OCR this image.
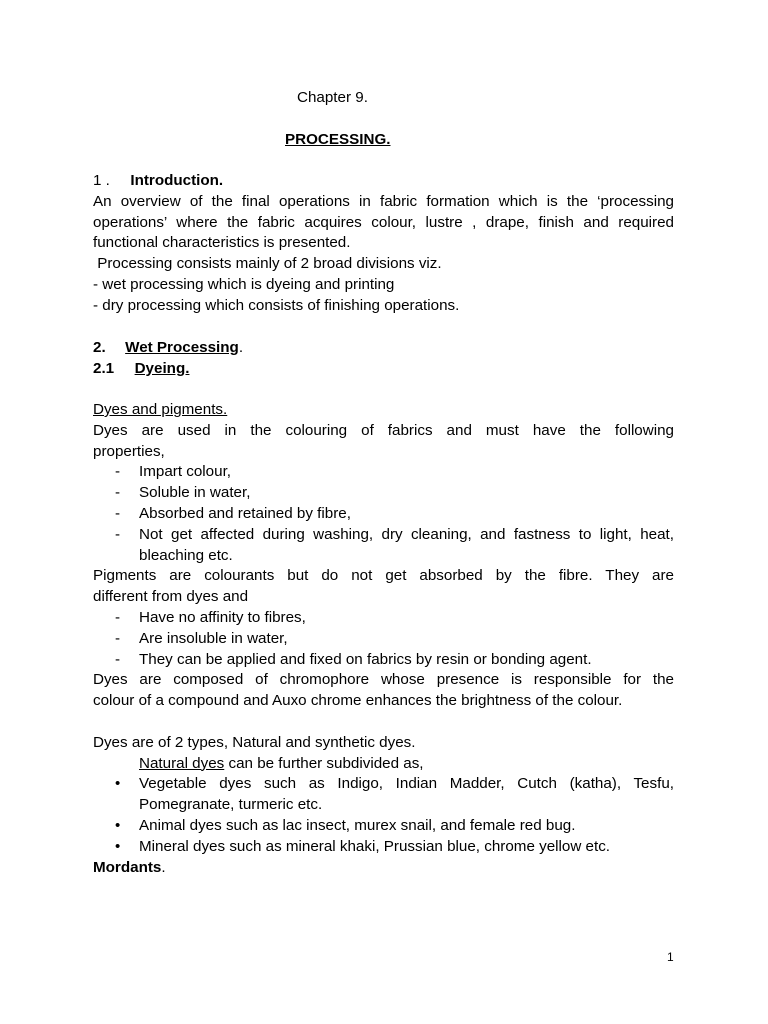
Chapter 9.
PROCESSING.
1 . Introduction.
An overview of the final operations in fabric formation which is the ‘processing
operations’ where the fabric acquires colour, lustre , drape, finish and required
functional characteristics is presented.
Processing consists mainly of 2 broad divisions viz.
- wet processing which is dyeing and printing
- dry processing which consists of finishing operations.
2. Wet Processing.
2.1 Dyeing.
Dyes and pigments.
Dyes are used in the colouring of fabrics and must have the following
properties,
- Impart colour,
- Soluble in water,
- Absorbed and retained by fibre,
- Not get affected during washing, dry cleaning, and fastness to light, heat,
bleaching etc.
Pigments are colourants but do not get absorbed by the fibre. They are
different from dyes and
- Have no affinity to fibres,
- Are insoluble in water,
- They can be applied and fixed on fabrics by resin or bonding agent.
Dyes are composed of chromophore whose presence is responsible for the
colour of a compound and Auxo chrome enhances the brightness of the colour.
Dyes are of 2 types, Natural and synthetic dyes.
Natural dyes can be further subdivided as,
• Vegetable dyes such as Indigo, Indian Madder, Cutch (katha), Tesfu,
Pomegranate, turmeric etc.
• Animal dyes such as lac insect, murex snail, and female red bug.
• Mineral dyes such as mineral khaki, Prussian blue, chrome yellow etc.
Mordants.
1
